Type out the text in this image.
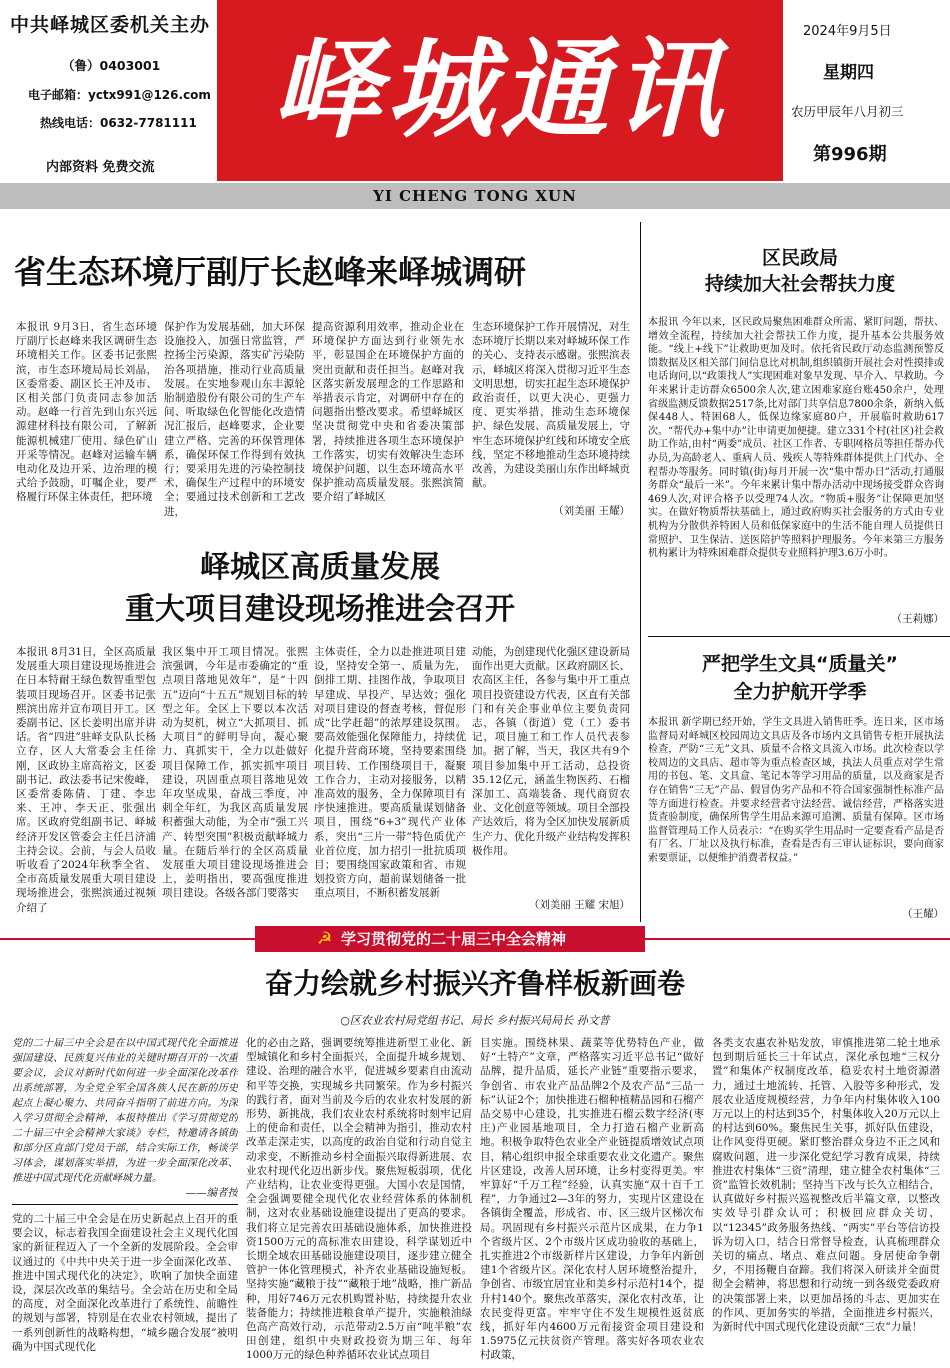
中共峄城区委机关主办
（鲁）0403001
电子邮箱：yctx991@126.com
热线电话：0632-7781111
内部资料 免费交流
峄城通讯	2024年9月5日
星期四
农历甲辰年八月初三
第996期
YI CHENG TONG XUN
省生态环境厅副厅长赵峰来峄城调研
本报讯 9月3日，省生态环境厅副厅长赵峰来我区调研生态环境相关工作。区委书记张熙滨，市生态环境局局长刘晶，区委常委、副区长王冲及市、区相关部门负责同志参加活动。赵峰一行首先到山东兴远源建材科技有限公司，了解新能源机械建厂使用、绿色矿山开采等情况。赵峰对运输车辆电动化及边开采、边治理的模式给予鼓励，叮嘱企业，要严格履行环保主体责任，把环境
保护作为发展基础，加大环保设施投入，加强日常监管，严控扬尘污染源，落实矿污染防治各项措施，推动行业高质量发展。在实地参观山东丰源轮胎制造股份有限公司的生产车间、听取绿色化智能化改造情况汇报后，赵峰要求，企业要建立严格、完善的环保管理体系，确保环保工作得到有效执行；要采用先进的污染控制技术，确保生产过程中的环境安全；要通过技术创新和工艺改进，
提高资源利用效率，推动企业在环境保护方面达到行业领先水平，彰显国企在环境保护方面的突出贡献和责任担当。赵峰对我区落实新发展理念的工作思路和举措表示肯定，对调研中存在的问题指出整改要求。希望峄城区坚决贯彻党中央和省委决策部署，持续推进各项生态环境保护工作落实，切实有效解决生态环境保护问题，以生态环境高水平保护推动高质量发展。张熙滨简要介绍了峄城区
生态环境保护工作开展情况，对生态环境厅长期以来对峄城环保工作的关心、支持表示感谢。张熙滨表示，峄城区将深入贯彻习近平生态文明思想，切实扛起生态环境保护政治责任，以更大决心、更强力度、更实举措，推动生态环境保护、绿色发展、高质量发展上，守牢生态环境保护红线和环境安全底线，坚定不移地推动生态环境持续改善，为建设美丽山东作出峄城贡献。
（刘美丽 王耀）
峄城区高质量发展
重大项目建设现场推进会召开
本报讯 8月31日，全区高质量发展重大项目建设现场推进会在日本特耐王绿色数智重型包装项目现场召开。区委书记张熙滨出席并宣布项目开工。区委副书记、区长姜明出席并讲话。省“四进”驻峄支队队长杨立存，区人大常委会主任徐刚，区政协主席高裕文，区委副书记、政法委书记宋俊峰，区委常委陈倩、丁建、李忠来、王冲、李天正、张强出席。区政府党组副书记、峄城经济开发区管委会主任吕济浦主持会议。会前，与会人员收听收看了2024年秋季全省、全市高质量发展重大项目建设现场推进会，张熙滨通过视频介绍了
我区集中开工项目情况。张熙滨强调，今年是市委确定的“重点项目落地见效年”，是“十四五”迈向“十五五”规划目标的转型之年。全区上下要以本次活动为契机，树立“大抓项目、抓大项目”的鲜明导向，凝心聚力、真抓实干，全力以赴做好项目保障工作，抓实抓牢项目建设，巩固重点项目落地见效年攻坚成果，奋战三季度，冲刺全年红，为我区高质量发展积蓄强大动能，为全市“强工兴产、转型突围”积极贡献峄城力量。在随后举行的全区高质量发展重大项目建设现场推进会上，姜明指出，要高强度推进项目建设。各级各部门要落实
主体责任，全力以赴推进项目建设，坚持安全第一、质量为先，倒排工期、挂图作战，争取项目早建成、早投产、早达效；强化对项目建设的督查考核，督促形成“比学赶超”的浓厚建设氛围。要高效能强化保障能力，持续优化提升营商环境，坚持要素围绕项目转、工作围绕项目干，凝聚工作合力，主动对接服务，以精准高效的服务，全力保障项目有序快速推进。要高质量谋划储备项目，围绕“6+3”现代产业体系，突出“三片一带”特色质优产业首位度，加力招引一批抗质项目；要围绕国家政策和省、市规划投资方向，超前谋划储备一批重点项目，不断积蓄发展新
动能，为创建现代化强区建设新局面作出更大贡献。区政府副区长、农高区主任，各参与集中开工重点项目投资建设方代表，区直有关部门和有关企事业单位主要负责同志，各镇（街道）党（工）委书记，项目施工和工作人员代表参加。据了解，当天，我区共有9个项目参加集中开工活动，总投资35.12亿元，涵盖生物医药、石榴深加工、高端装备、现代商贸农业、文化创意等领域。项目全部投产达效后，将为全区加快发展新质生产力、优化升级产业结构发挥积极作用。
（刘美丽 王耀 宋旭）
区民政局
持续加大社会帮扶力度
本报讯 今年以来，区民政局聚焦困难群众所需、紧盯问题，帮扶、增效全流程，持续加大社会帮扶工作力度，提升基本公共服务效能。“线上+线下”让救助更加及时。依托省民政厅动态监测预警反馈数据及区相关部门间信息比对机制,组织镇街开展社会对性摸排或电话询问,以“政策找人”实现困难对象早发现、早介入、早救助。今年来累计走访群众6500余人次,建立困难家庭台账450余户，处理省级监测反馈数据2517条,比对部门共享信息7800余条，新纳入低保448人、特困68人，低保边缘家庭80户，开展临时救助617次。“帮代办+集中办”让申请更加便捷。建立331个村(社区)社会救助工作站,由村“两委”成员、社区工作者、专职网格员等担任帮办代办员,为高龄老人、重病人员、残疾人等特殊群体提供上门代办、全程帮办等服务。同时镇(街)每月开展一次“集中帮办日”活动,打通服务群众“最后一米”。今年来累计集中帮办活动中现场接受群众咨询469人次,对评合格予以受理74人次。“物质+服务”让保障更加坚实。在做好物质帮扶基础上，通过政府购买社会服务的方式由专业机构为分散供养特困人员和低保家庭中的生活不能自理人员提供日常照护、卫生保洁、送医陪护等照料护理服务。今年来第三方服务机构累计为特殊困难群众提供专业照料护理3.6万小时。
（王莉娜）
严把学生文具“质量关”
全力护航开学季
本报讯 新学期已经开始，学生文具进入销售旺季。连日来，区市场监督局对峄城区校园周边文具店及各市场内文具销售专柜开展执法检查，严防“三无”文具、质量不合格文具流入市场。此次检查以学校周边的文具店、超市等为重点检查区域，执法人员重点对学生常用的书包、笔、文具盒、笔记本等学习用品的质量，以及商家是否存在销售“三无”产品、假冒伪劣产品和不符合国家强制性标准产品等方面进行检查。并要求经营者守法经营、诚信经营，严格落实进货查验制度，确保所售学生用品来源可追溯、质量有保障。区市场监督管理局工作人员表示：“在购买学生用品时一定要查看产品是否有厂名、厂址以及执行标准，查看是否有三审认证标识，要向商家索要票证，以便维护消费者权益。”
（王耀）
☭ 学习贯彻党的二十届三中全会精神
奋力绘就乡村振兴齐鲁样板新画卷
○区农业农村局党组书记、局长 乡村振兴局局长 孙文普
党的二十届三中全会是在以中国式现代化全面推进强国建设、民族复兴伟业的关键时期召开的一次重要会议，会议对新时代如何进一步全面深化改革作出系统部署，为全党全军全国各族人民在新的历史起点上凝心聚力、共同奋斗指明了前进方向。为深入学习贯彻全会精神，本报特推出《学习贯彻党的二十届三中全会精神大家谈》专栏，特邀请各镇街和部分区直部门党员干部，结合实际工作，畅谈学习体会，谋划落实举措，为进一步全面深化改革、推进中国式现代化贡献峄城力量。
——编者按
党的二十届三中全会是在历史新起点上召开的重要会议，标志着我国全面建设社会主义现代化国家的新征程迈入了一个全新的发展阶段。全会审议通过的《中共中央关于进一步全面深化改革、推进中国式现代化的决定》，吹响了加快全面建设，深层次改革的集结号。全会站在历史和全局的高度，对全面深化改革进行了系统性、前瞻性的规划与部署，特别是在农业农村领域，提出了一系列创新性的战略构想，“城乡融合发展”被明确为中国式现代化
化的必由之路，强调要统筹推进新型工业化、新型城镇化和乡村全面振兴，全面提升城乡规划、建设、治理的融合水平，促进城乡要素自由流动和平等交换，实现城乡共同繁荣。作为乡村振兴的践行者，面对当前及今后的农业农村发展的新形势，新挑战，我们农业农村系统将时刻牢记肩上的使命和责任，以全会精神为指引，推动农村改革走深走实，以高度的政治自觉和行动自觉主动求变，不断推动乡村全面振兴取得新进展、农业农村现代化迈出新步伐。聚焦短板弱项，优化产业结构，让农业变得更强。大国小农是国情，全会强调要健全现代化农业经营体系的体制机制，这对农业基础设施建设提出了更高的要求。我们将立足完善农田基础设施体系，加快推进投资1500万元的高标准农田建设，科学谋划近中长期全域农田基础设施建设项目，逐步建立健全管护一体化管理模式，补齐农业基础设施短板。坚持实施“藏粮于技”“藏粮于地”战略，推广新品种，用好746万元农机购置补贴，持续提升农业装备能力；持续推进粮食单产提升，实施粮油绿色高产高效行动，示范带动2.5万亩“吨半粮”农田创建，组织中央财政投资为期三年、每年1000万元的绿色种养循环农业试点项目
目实施。围绕林果、蔬菜等优势特色产业，做好“土特产”文章，严格落实习近平总书记“做好品牌，提升品质，延长产业链”重要指示要求，争创省、市农业产品品牌2个及农产品“三品一标”认证2个；加快推进石榴种植精品园和石榴产品交易中心建设，扎实推进石榴云数字经济(枣庄)产业园基地项目，全力打造石榴产业新高地。积极争取特色农业全产业链提质增效试点项目，精心组织申报全球重要农业文化遗产。聚焦片区建设，改善人居环境，让乡村变得更美。牢牢算好“千万工程”经验，认真实施“双十百千工程”，力争通过2—3年的努力，实现片区建设在各镇街全覆盖，形成省、市、区三级片区梯次布局。巩固现有乡村振兴示范片区成果，在力争1个省级片区、2个市级片区成功验收的基础上，扎实推进2个市级新样片区建设，力争年内新创建1个省级片区。深化农村人居环境整治提升，争创省、市级宜居宜业和美乡村示范村14个，提升村140个。聚焦改革落实，深化农村改革，让农民变得更富。牢牢守住不发生规模性返贫底线，抓好年内4600万元衔接资金项目建设和1.5975亿元扶贫资产管理。落实好各项农业农村政策，
各类支农惠农补贴发放，审慎推进第二轮土地承包到期后延长三十年试点，深化承包地“三权分置”和集体产权制度改革，稳妥农村土地资源潜力，通过土地流转、托管、入股等多种形式，发展农业适度规模经营，力争年内村集体收入100万元以上的村达到35个，村集体收入20万元以上的村达到60%。聚焦民生关事，抓好队伍建设，让作风变得更硬。紧盯整治群众身边不正之风和腐败问题，进一步深化党纪学习教育成果，持续推进农村集体“三资”清理，建立健全农村集体“三资”监管长效机制；坚持当下改与长久立相结合，认真做好乡村振兴巡视整改后半篇文章，以整改实效导引群众认可；积极回应群众关切，以“12345”政务服务热线、“两实”平台等信访投诉为切入口，结合日常督导检查，认真梳理群众关切的痛点、堵点、难点问题。身居使命争朝夕，不用扬鞭自奋蹄。我们将深入研读并全面贯彻全会精神，将思想和行动统一到各级党委政府的决策部署上来，以更加昂扬的斗志、更加实在的作风、更加务实的举措，全面推进乡村振兴，为新时代中国式现代化建设贡献“三农”力量！
